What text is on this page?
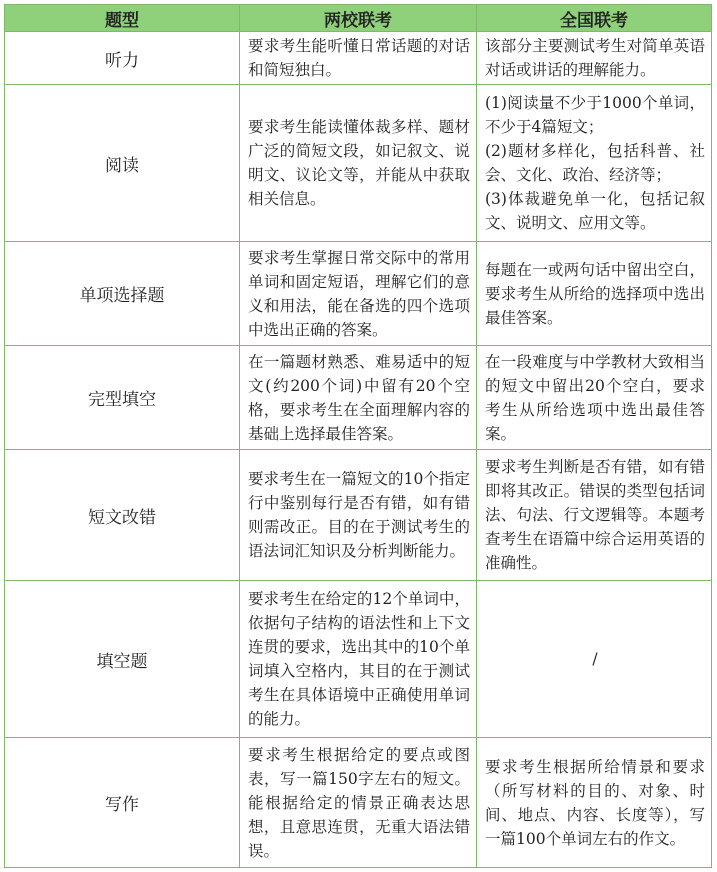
题型	两校联考	全国联考
听力	要求考生能听懂日常话题的对话和简短独白。	该部分主要测试考生对简单英语对话或讲话的理解能力。

阅读	要求考生能读懂体裁多样、题材广泛的简短文段，如记叙文、说明文、议论文等，并能从中获取相关信息。	(1)阅读量不少于1000个单词，不少于4篇短文；
(2)题材多样化，包括科普、社会、文化、政治、经济等；
(3)体裁避免单一化，包括记叙文、说明文、应用文等。

单项选择题	要求考生掌握日常交际中的常用单词和固定短语，理解它们的意义和用法，能在备选的四个选项中选出正确的答案。	每题在一或两句话中留出空白，要求考生从所给的选择项中选出最佳答案。

完型填空	在一篇题材熟悉、难易适中的短文(约200个词)中留有20个空格，要求考生在全面理解内容的基础上选择最佳答案。	在一段难度与中学教材大致相当的短文中留出20个空白，要求考生从所给选项中选出最佳答案。

短文改错	要求考生在一篇短文的10个指定行中鉴别每行是否有错，如有错则需改正。目的在于测试考生的语法词汇知识及分析判断能力。	要求考生判断是否有错，如有错即将其改正。错误的类型包括词法、句法、行文逻辑等。本题考查考生在语篇中综合运用英语的准确性。

填空题	要求考生在给定的12个单词中，依据句子结构的语法性和上下文连贯的要求，选出其中的10个单词填入空格内，其目的在于测试考生在具体语境中正确使用单词的能力。	/

写作	要求考生根据给定的要点或图表，写一篇150字左右的短文。能根据给定的情景正确表达思想，且意思连贯，无重大语法错误。	要求考生根据所给情景和要求（所写材料的目的、对象、时间、地点、内容、长度等），写一篇100个单词左右的作文。
